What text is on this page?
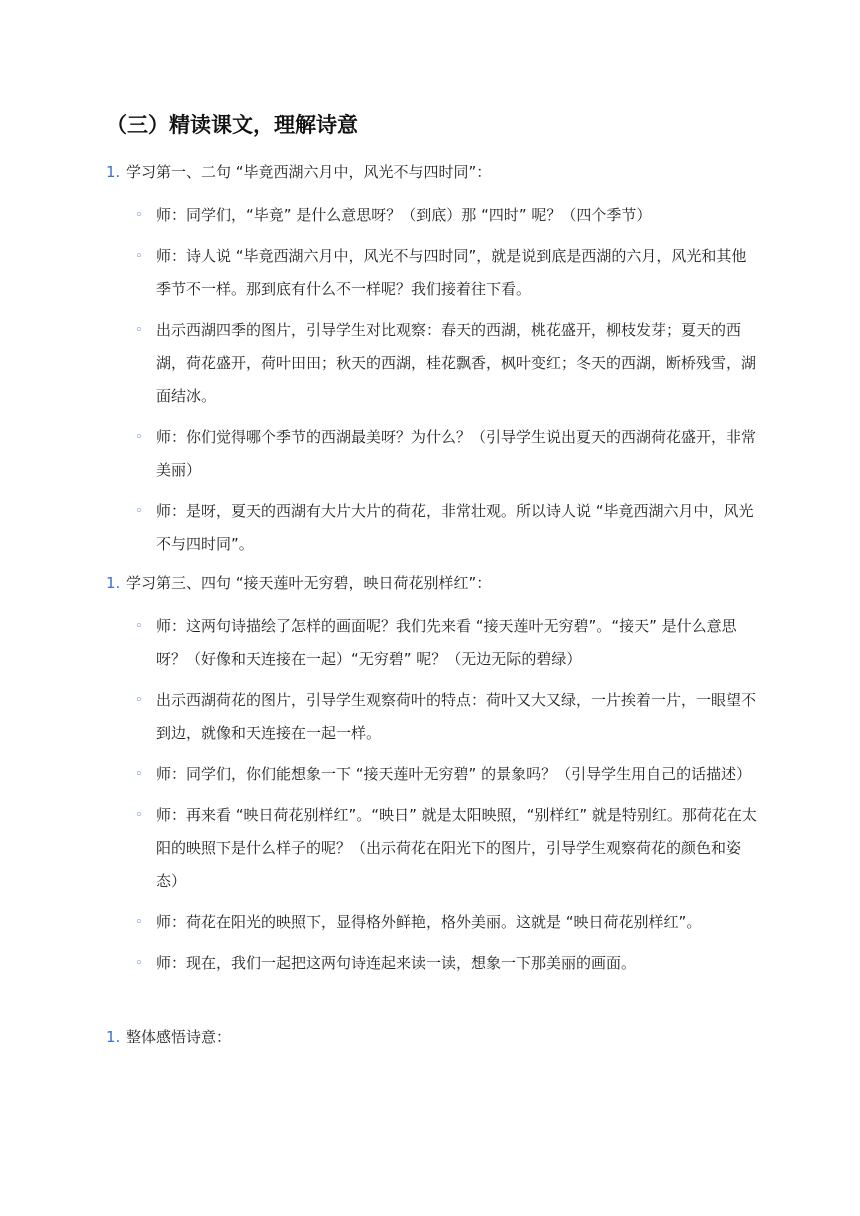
（三）精读课文，理解诗意
1. 学习第一、二句 “毕竟西湖六月中，风光不与四时同”：
◦ 师：同学们，“毕竟” 是什么意思呀？（到底）那 “四时” 呢？（四个季节）
◦ 师：诗人说 “毕竟西湖六月中，风光不与四时同”，就是说到底是西湖的六月，风光和其他季节不一样。那到底有什么不一样呢？我们接着往下看。
◦ 出示西湖四季的图片，引导学生对比观察：春天的西湖，桃花盛开，柳枝发芽；夏天的西湖，荷花盛开，荷叶田田；秋天的西湖，桂花飘香，枫叶变红；冬天的西湖，断桥残雪，湖面结冰。
◦ 师：你们觉得哪个季节的西湖最美呀？为什么？（引导学生说出夏天的西湖荷花盛开，非常美丽）
◦ 师：是呀，夏天的西湖有大片大片的荷花，非常壮观。所以诗人说 “毕竟西湖六月中，风光不与四时同”。
1. 学习第三、四句 “接天莲叶无穷碧，映日荷花别样红”：
◦ 师：这两句诗描绘了怎样的画面呢？我们先来看 “接天莲叶无穷碧”。“接天” 是什么意思呀？（好像和天连接在一起）“无穷碧” 呢？（无边无际的碧绿）
◦ 出示西湖荷花的图片，引导学生观察荷叶的特点：荷叶又大又绿，一片挨着一片，一眼望不到边，就像和天连接在一起一样。
◦ 师：同学们，你们能想象一下 “接天莲叶无穷碧” 的景象吗？（引导学生用自己的话描述）
◦ 师：再来看 “映日荷花别样红”。“映日” 就是太阳映照，“别样红” 就是特别红。那荷花在太阳的映照下是什么样子的呢？（出示荷花在阳光下的图片，引导学生观察荷花的颜色和姿态）
◦ 师：荷花在阳光的映照下，显得格外鲜艳，格外美丽。这就是 “映日荷花别样红”。
◦ 师：现在，我们一起把这两句诗连起来读一读，想象一下那美丽的画面。
1. 整体感悟诗意：
